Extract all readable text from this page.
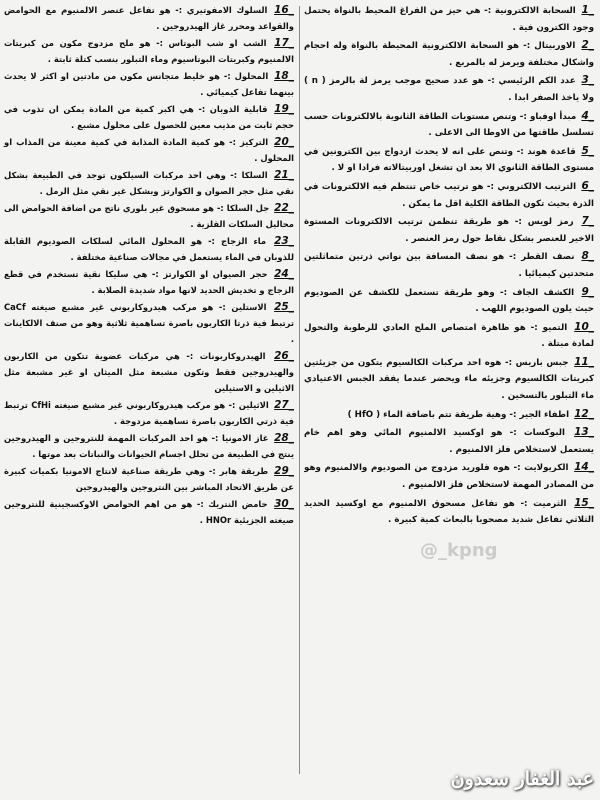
1_ السحابة الالكترونية :- هي حيز من الفراغ المحيط بالنواة يحتمل وجود الكترون فية .

2_ الاوربيتال :- هو السحابة الالكترونية المحيطة بالنواة وله احجام واشكال مختلفة ويرمز له بالمربع .

3_ عدد الكم الرئيسي :- هو عدد صحيح موجب يرمز لة بالرمز ( n ) ولا ياخذ الصفر ابدا .

4_ مبدأ اوفباو :- وتنص مستويات الطاقة الثانوية بالالكترونات حسب تسلسل طاقتها من الاوطا الى الاعلى .

5_ قاعدة هوند :- وتنص على انه لا يحدث ازدواج بين الكترونين في مستوى الطاقة الثانوي الا بعد ان تشغل اوربيتالاته فرادا او لا .

6_ الترتيب الالكتروني :- هو ترتيب خاص تنتظم فيه الالكترونات في الذرة بحيث تكون الطاقة الكلية اقل ما يمكن .

7_ رمز لويس :- هو طريقة تنظمن ترتيب الالكترونات المستوة الاخير للعنصر بشكل نقاط حول رمز العنصر .

8_ نصف القطر :- هو نصف المسافة بين نواتي ذرتين متماثلتين متحدتين كيميائيا .

9_ الكشف الجاف :- وهو طريقة تستعمل للكشف عن الصوديوم حيث يلون الصوديوم اللهب .

10_ التميو :- هو ظاهرة امتصاص الملح العادي للرطوبة والتحول لمادة مبتلة .

11_ جبس باريس :- هوه احد مركبات الكالسيوم يتكون من جزيئتين كبريتات الكالسيوم وجزيئه ماء ويحضر عندما يفقد الجبس الاعتيادي ماء التبلور بالتسخين .

12_ اطفاء الجير :- وهية طريقة تتم باضافة الماء ( HfO )

13_ البوكسات :- هو اوكسيد الالمنيوم المائي وهو اهم خام يستعمل لاستخلاص فلز الالمنيوم .

14_ الكريولايت :- هوه فلوريد مزدوج من الصوديوم والالمنيوم وهو من المصادر المهمة لاستخلاص فلز الالمنيوم .

15_ الثرميت :- هو تفاعل مسحوق الالمنيوم مع اوكسيد الحديد الثلاثي تفاعل شديد مصحوبا بالبعاث كمية كبيرة .

16_ السلوك الامفوتيري :- هو تفاعل عنصر الالمنيوم مع الحوامض والقواعد ومحرر غاز الهيدروجين .

17_ الشب او شب البوتاس :- هو ملح مزدوج مكون من كبريتات الالمنيوم وكبريتات البوتاسيوم وماء التبلور بنسب كتلة ثابتة .

18_ المحلول :- هو خليط متجانس مكون من مادتين او اكثر لا يحدث بينهما تفاعل كيميائي .

19_ قابلية الذوبان :- هي اكبر كمية من المادة يمكن ان تذوب في حجم ثابت من مذيب معين للحصول على محلول مشبع .

20_ التركيز :- هو كمية المادة المذابة في كمية معينة من المذاب او المحلول .

21_ السلكا :- وهي احد مركبات السيلكون توجد في الطبيعة بشكل نقي مثل حجر الصوان و الكوارتز وبشكل غير نقي مثل الرمل .

22_ جل السلكا :- هو مسحوق غير بلوري ناتج من اضافة الحوامض الى محاليل السلكات القلزية .

23_ ماء الزجاج :- هو المحلول المائي لسلكات الصوديوم القابلة للذوبان في الماء يستعمل في مجالات صناعية مختلفة .

24_ حجر الصيوان او الكوارتز :- هي سليكا نقية تستخدم في قطع الزجاج و تخديش الحديد لانها مواد شديدة الصلابة .

25_ الاستلين :- هو مركب هيدروكاربوني غير مشبع صيغته CaCf ترتبط فية ذرتا الكاربون باصرة تساهمية ثلاثية وهو من صنف الالكاينات .

26_ الهيدروكاربونات :- هي مركبات عضوية تتكون من الكاربون والهيدروجين فقط وتكون مشبعة مثل الميثان او غير مشبعة مثل الاثيلين و الاستيلين

27_ الاثيلين :- هو مركب هيدروكاربوني غير مشبع صيغته CfHi ترتبط فية ذرتي الكاربون باصرة تساهمية مزدوجة .

28_ غاز الامونيا :- هو احد المركبات المهمة للنتروجين و الهيدروجين ينتج في الطبيعة من تحلل اجسام الحيوانات والنباتات بعد موتها .

29_ طريقة هابر :- وهي طريقة صناعية لانتاج الامونيا بكميات كبيرة عن طريق الاتحاد المباشر بين النتروجين والهيدروجين

30_ حامض النتريك :- هو من اهم الحوامض الاوكسجينية للنتروجين صيغته الجزيئية HNOr .

@_kpng
عبد الغفار سعدون
